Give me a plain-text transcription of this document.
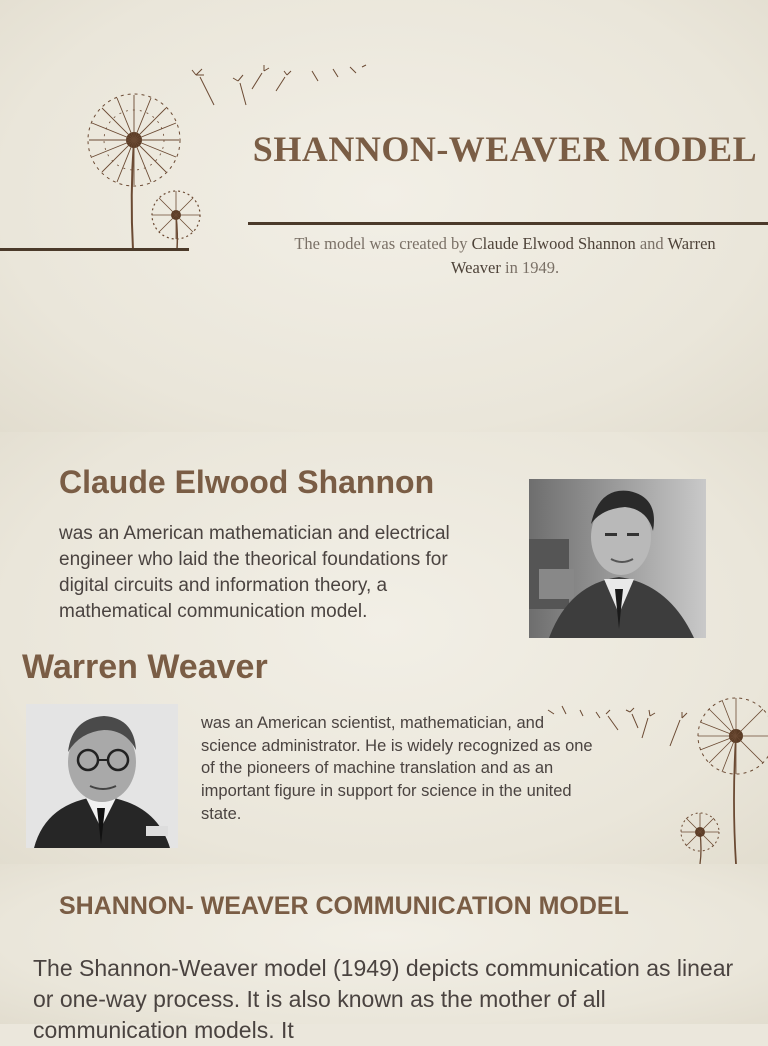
SHANNON-WEAVER MODEL

The model was created by Claude Elwood Shannon and Warren Weaver in 1949.

Claude Elwood Shannon

was an American mathematician and electrical engineer who laid the theorical foundations for digital circuits and information theory, a mathematical communication model.

Warren Weaver

was an American scientist, mathematician, and science administrator. He is widely recognized as one of the pioneers of machine translation and as an important figure in support for science in the united state.

SHANNON- WEAVER COMMUNICATION MODEL

The Shannon-Weaver model (1949) depicts communication as linear or one-way process. It is also known as the mother of all communication models. It
